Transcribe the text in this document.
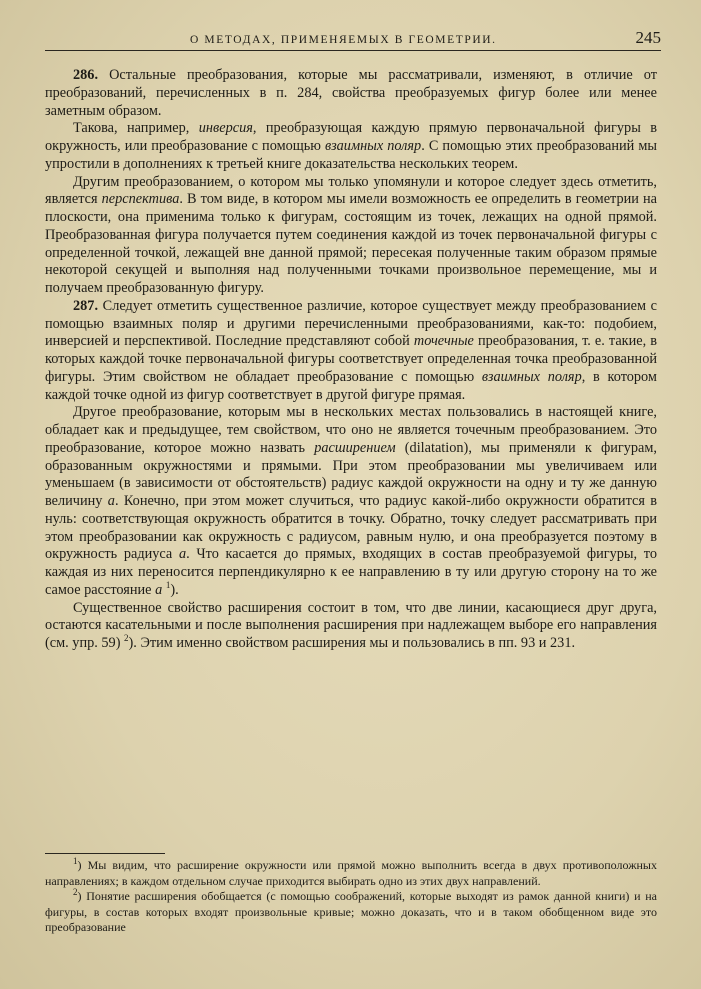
О МЕТОДАХ, ПРИМЕНЯЕМЫХ В ГЕОМЕТРИИ.	245

286. Остальные преобразования, которые мы рассматривали, изменяют, в отличие от преобразований, перечисленных в п. 284, свойства преобразуемых фигур более или менее заметным образом.

Такова, например, инверсия, преобразующая каждую прямую первоначальной фигуры в окружность, или преобразование с помощью взаимных поляр. С помощью этих преобразований мы упростили в дополнениях к третьей книге доказательства нескольких теорем.

Другим преобразованием, о котором мы только упомянули и которое следует здесь отметить, является перспектива. В том виде, в котором мы имели возможность ее определить в геометрии на плоскости, она применима только к фигурам, состоящим из точек, лежащих на одной прямой. Преобразованная фигура получается путем соединения каждой из точек первоначальной фигуры с определенной точкой, лежащей вне данной прямой; пересекая полученные таким образом прямые некоторой секущей и выполняя над полученными точками произвольное перемещение, мы и получаем преобразованную фигуру.

287. Следует отметить существенное различие, которое существует между преобразованием с помощью взаимных поляр и другими перечисленными преобразованиями, как-то: подобием, инверсией и перспективой. Последние представляют собой точечные преобразования, т. е. такие, в которых каждой точке первоначальной фигуры соответствует определенная точка преобразованной фигуры. Этим свойством не обладает преобразование с помощью взаимных поляр, в котором каждой точке одной из фигур соответствует в другой фигуре прямая.

Другое преобразование, которым мы в нескольких местах пользовались в настоящей книге, обладает как и предыдущее, тем свойством, что оно не является точечным преобразованием. Это преобразование, которое можно назвать расширением (dilatation), мы применяли к фигурам, образованным окружностями и прямыми. При этом преобразовании мы увеличиваем или уменьшаем (в зависимости от обстоятельств) радиус каждой окружности на одну и ту же данную величину a. Конечно, при этом может случиться, что радиус какой-либо окружности обратится в нуль: соответствующая окружность обратится в точку. Обратно, точку следует рассматривать при этом преобразовании как окружность с радиусом, равным нулю, и она преобразуется поэтому в окружность радиуса a. Что касается до прямых, входящих в состав преобразуемой фигуры, то каждая из них переносится перпендикулярно к ее направлению в ту или другую сторону на то же самое расстояние a $^1$).

Существенное свойство расширения состоит в том, что две линии, касающиеся друг друга, остаются касательными и после выполнения расширения при надлежащем выборе его направления (см. упр. 59) $^2$). Этим именно свойством расширения мы и пользовались в пп. 93 и 231.

$^1$) Мы видим, что расширение окружности или прямой можно выполнить всегда в двух противоположных направлениях; в каждом отдельном случае приходится выбирать одно из этих двух направлений.

$^2$) Понятие расширения обобщается (с помощью соображений, которые выходят из рамок данной книги) и на фигуры, в состав которых входят произвольные кривые; можно доказать, что и в таком обобщенном виде это преобразование
